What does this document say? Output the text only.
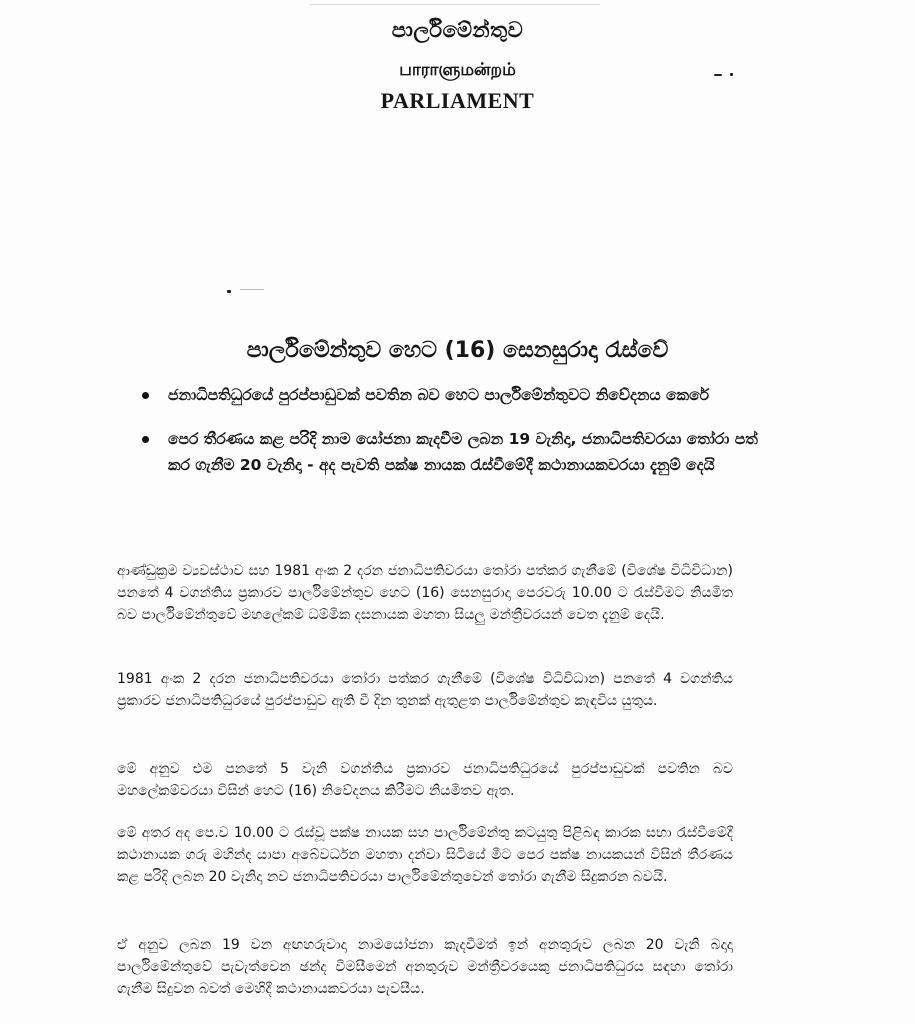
පාර්ලිමේන්තුව
பாராளுமன்றம்
PARLIAMENT
පාර්ලිමේන්තුව හෙට (16) සෙනසුරාදා රැස්වේ
ජනාධිපතිධුරයේ පුරප්පාඩුවක් පවතින බව හෙට පාර්ලිමේන්තුවට නිවේදනය කෙරේ
පෙර තීරණය කළ පරිදි නාම යෝජනා කැදවීම ලබන 19 වැනිදා, ජනාධිපතිවරයා තෝරා පත් කර ගැනීම 20 වැනිදා - අද පැවති පක්ෂ නායක රැස්වීමේදී කථානායකවරයා දැනුම් දෙයි

ආණ්ඩුක්‍රම ව්‍යවස්ථාව සහ 1981 අංක 2 දරන ජනාධිපතිවරයා තෝරා පත්කර ගැනීමේ (විශේෂ විධිවිධාන) පනතේ 4 වගන්තිය ප්‍රකාරව පාර්ලිමේන්තුව හෙට (16) සෙනසුරාදා පෙරවරු 10.00 ට රැස්වීමට නියමිත බව පාර්ලිමේන්තුවේ මහලේකම් ධම්මික දසනායක මහතා සියලු මන්ත්‍රීවරයන් වෙත දැනුම් දෙයි.

1981 අංක 2 දරන ජනාධිපතිවරයා තෝරා පත්කර ගැනීමේ (විශේෂ විධිවිධාන) පනතේ 4 වගන්තිය ප්‍රකාරව ජනාධිපතිධුරයේ පුරප්පාඩුව ඇති වී දින තුනක් ඇතුළත පාර්ලිමේන්තුව කැඳවිය යුතුය.

මේ අනුව එම පනතේ 5 වැනි වගන්තිය ප්‍රකාරව ජනාධිපතිධුරයේ පුරප්පාඩුවක් පවතින බව මහලේකම්වරයා විසින් හෙට (16) නිවේදනය කිරීමට නියමිතව ඇත.

මේ අතර අද පෙ.ව 10.00 ට රැස්වූ පක්ෂ නායක සහ පාර්ලිමේන්තු කටයුතු පිළිබඳ කාරක සභා රැස්වීමේදී කථානායක ගරු මහින්ද යාපා අබේවර්ධන මහතා දන්වා සිටියේ මීට පෙර පක්ෂ නායකයන් විසින් තීරණය කළ පරිදි ලබන 20 වැනිදා නව ජනාධිපතිවරයා පාර්ලිමේන්තුවෙන් තෝරා ගැනීම සිදුකරන බවයි.

ඒ අනුව ලබන 19 වන අඟහරුවාදා නාමයෝජනා කැදවීමත් ඉන් අනතුරුව ලබන 20 වැනි බදාදා පාර්ලිමේන්තුවේ පැවැත්වෙන ඡන්ද විමසීමෙන් අනතුරුව මන්ත්‍රීවරයෙකු ජනාධිපතිධුරය සඳහා තෝරා ගැනීම සිදුවන බවත් මෙහිදී කථානායකවරයා පැවසීය.
